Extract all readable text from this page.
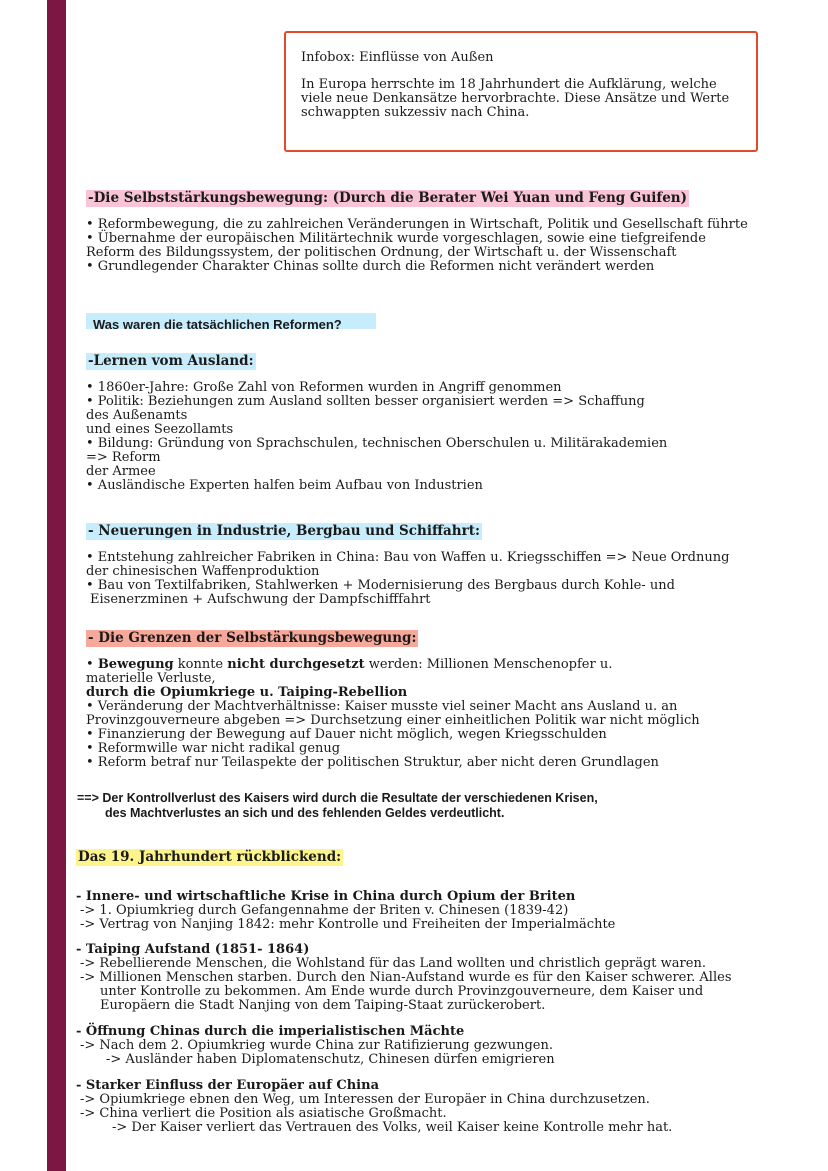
Infobox: Einflüsse von Außen
In Europa herrschte im 18 Jahrhundert die Aufklärung, welche
viele neue Denkansätze hervorbrachte. Diese Ansätze und Werte
schwappten sukzessiv nach China.
-Die Selbststärkungsbewegung: (Durch die Berater Wei Yuan und Feng Guifen)
• Reformbewegung, die zu zahlreichen Veränderungen in Wirtschaft, Politik und Gesellschaft führte
• Übernahme der europäischen Militärtechnik wurde vorgeschlagen, sowie eine tiefgreifende
Reform des Bildungssystem, der politischen Ordnung, der Wirtschaft u. der Wissenschaft
• Grundlegender Charakter Chinas sollte durch die Reformen nicht verändert werden
Was waren die tatsächlichen Reformen?
-Lernen vom Ausland:
• 1860er-Jahre: Große Zahl von Reformen wurden in Angriff genommen
• Politik: Beziehungen zum Ausland sollten besser organisiert werden => Schaffung
des Außenamts
und eines Seezollamts
• Bildung: Gründung von Sprachschulen, technischen Oberschulen u. Militärakademien
=> Reform
der Armee
• Ausländische Experten halfen beim Aufbau von Industrien
- Neuerungen in Industrie, Bergbau und Schiffahrt:
• Entstehung zahlreicher Fabriken in China: Bau von Waffen u. Kriegsschiffen => Neue Ordnung
der chinesischen Waffenproduktion
• Bau von Textilfabriken, Stahlwerken + Modernisierung des Bergbaus durch Kohle- und
Eisenerzminen + Aufschwung der Dampfschifffahrt
- Die Grenzen der Selbstärkungsbewegung:
• Bewegung konnte nicht durchgesetzt werden: Millionen Menschenopfer u.
materielle Verluste,
durch die Opiumkriege u. Taiping-Rebellion
• Veränderung der Machtverhältnisse: Kaiser musste viel seiner Macht ans Ausland u. an
Provinzgouverneure abgeben => Durchsetzung einer einheitlichen Politik war nicht möglich
• Finanzierung der Bewegung auf Dauer nicht möglich, wegen Kriegsschulden
• Reformwille war nicht radikal genug
• Reform betraf nur Teilaspekte der politischen Struktur, aber nicht deren Grundlagen
==> Der Kontrollverlust des Kaisers wird durch die Resultate der verschiedenen Krisen,
des Machtverlustes an sich und des fehlenden Geldes verdeutlicht.
Das 19. Jahrhundert rückblickend:
- Innere- und wirtschaftliche Krise in China durch Opium der Briten
-> 1. Opiumkrieg durch Gefangennahme der Briten v. Chinesen (1839-42)
-> Vertrag von Nanjing 1842: mehr Kontrolle und Freiheiten der Imperialmächte
- Taiping Aufstand (1851- 1864)
-> Rebellierende Menschen, die Wohlstand für das Land wollten und christlich geprägt waren.
-> Millionen Menschen starben. Durch den Nian-Aufstand wurde es für den Kaiser schwerer. Alles
unter Kontrolle zu bekommen. Am Ende wurde durch Provinzgouverneure, dem Kaiser und
Europäern die Stadt Nanjing von dem Taiping-Staat zurückerobert.
- Öffnung Chinas durch die imperialistischen Mächte
-> Nach dem 2. Opiumkrieg wurde China zur Ratifizierung gezwungen.
-> Ausländer haben Diplomatenschutz, Chinesen dürfen emigrieren
- Starker Einfluss der Europäer auf China
-> Opiumkriege ebnen den Weg, um Interessen der Europäer in China durchzusetzen.
-> China verliert die Position als asiatische Großmacht.
-> Der Kaiser verliert das Vertrauen des Volks, weil Kaiser keine Kontrolle mehr hat.
